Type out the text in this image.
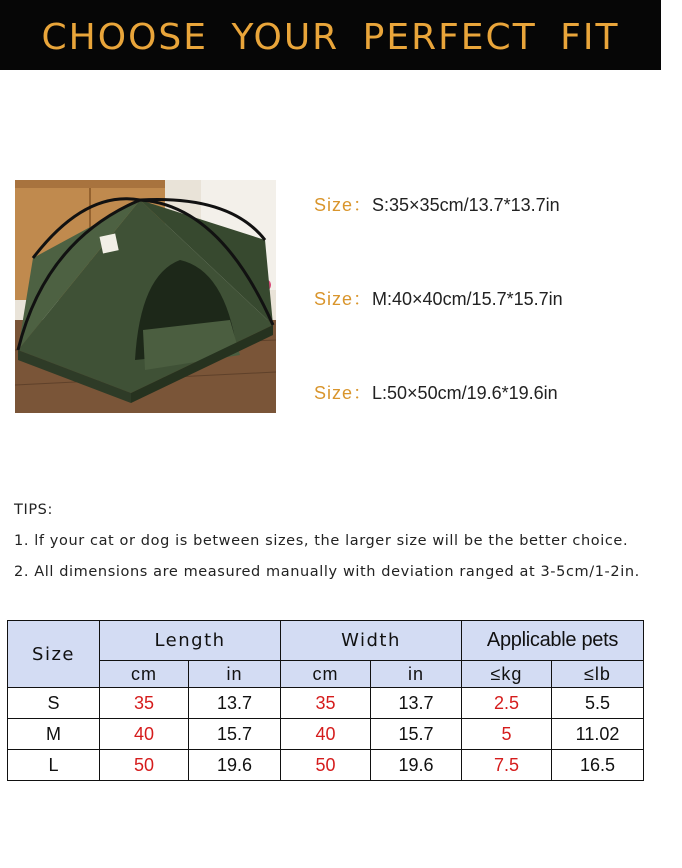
CHOOSE YOUR PERFECT FIT
Size：S:35×35cm/13.7*13.7in
Size：M:40×40cm/15.7*15.7in
Size：L:50×50cm/19.6*19.6in
TIPS:
1. lf your cat or dog is between sizes, the larger size will be the better choice.
2. All dimensions are measured manually with deviation ranged at 3-5cm/1-2in.
Size	Length		Width		Applicable pets	
	cm	in	cm	in	≤kg	≤lb
S	35	13.7	35	13.7	2.5	5.5
M	40	15.7	40	15.7	5	11.02
L	50	19.6	50	19.6	7.5	16.5
